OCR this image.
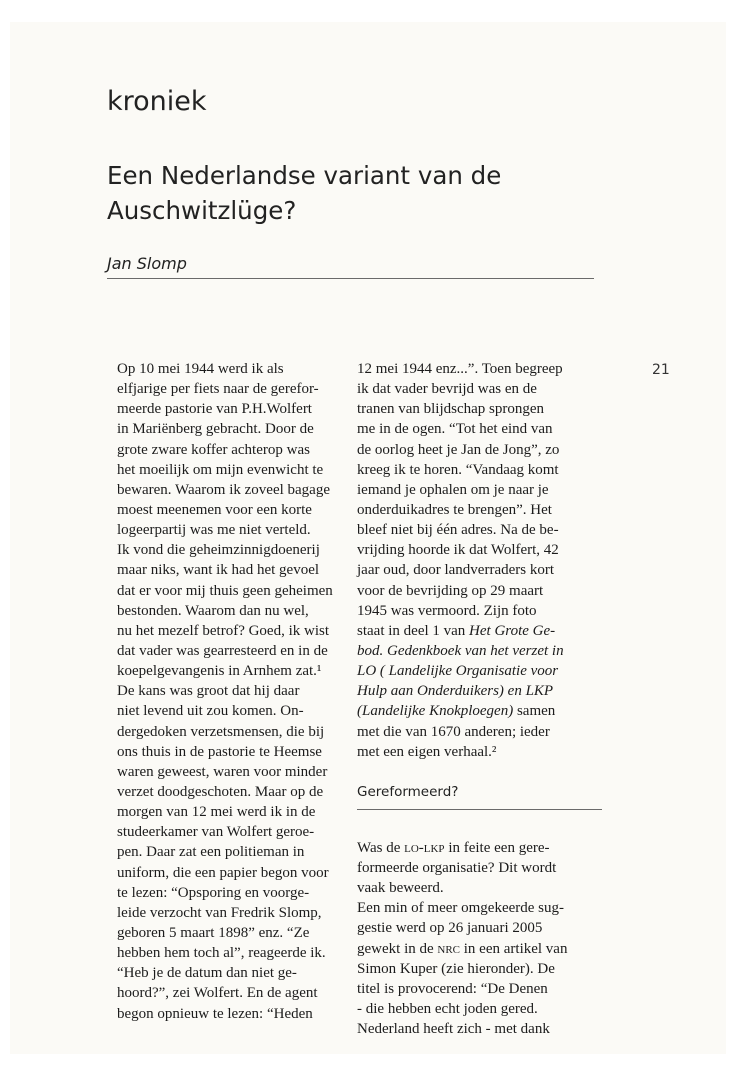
kroniek
Een Nederlandse variant van de Auschwitzlüge?
Jan Slomp
21
Op 10 mei 1944 werd ik als
elfjarige per fiets naar de gerefor-
meerde pastorie van P.H.Wolfert
in Mariënberg gebracht. Door de
grote zware koffer achterop was
het moeilijk om mijn evenwicht te
bewaren. Waarom ik zoveel bagage
moest meenemen voor een korte
logeerpartij was me niet verteld.
Ik vond die geheimzinnigdoenerij
maar niks, want ik had het gevoel
dat er voor mij thuis geen geheimen
bestonden. Waarom dan nu wel,
nu het mezelf betrof? Goed, ik wist
dat vader was gearresteerd en in de
koepelgevangenis in Arnhem zat.¹
De kans was groot dat hij daar
niet levend uit zou komen. On-
dergedoken verzetsmensen, die bij
ons thuis in de pastorie te Heemse
waren geweest, waren voor minder
verzet doodgeschoten. Maar op de
morgen van 12 mei werd ik in de
studeerkamer van Wolfert geroe-
pen. Daar zat een politieman in
uniform, die een papier begon voor
te lezen: “Opsporing en voorge-
leide verzocht van Fredrik Slomp,
geboren 5 maart 1898” enz. “Ze
hebben hem toch al”, reageerde ik.
“Heb je de datum dan niet ge-
hoord?”, zei Wolfert. En de agent
begon opnieuw te lezen: “Heden
12 mei 1944 enz...”. Toen begreep
ik dat vader bevrijd was en de
tranen van blijdschap sprongen
me in de ogen. “Tot het eind van
de oorlog heet je Jan de Jong”, zo
kreeg ik te horen. “Vandaag komt
iemand je ophalen om je naar je
onderduikadres te brengen”. Het
bleef niet bij één adres. Na de be-
vrijding hoorde ik dat Wolfert, 42
jaar oud, door landverraders kort
voor de bevrijding op 29 maart
1945 was vermoord. Zijn foto
staat in deel 1 van Het Grote Ge-
bod. Gedenkboek van het verzet in
LO ( Landelijke Organisatie voor
Hulp aan Onderduikers) en LKP
(Landelijke Knokploegen) samen
met die van 1670 anderen; ieder
met een eigen verhaal.²
Gereformeerd?
Was de lo-lkp in feite een gere-
formeerde organisatie? Dit wordt
vaak beweerd.
Een min of meer omgekeerde sug-
gestie werd op 26 januari 2005
gewekt in de nrc in een artikel van
Simon Kuper (zie hieronder). De
titel is provocerend: “De Denen
- die hebben echt joden gered.
Nederland heeft zich - met dank
